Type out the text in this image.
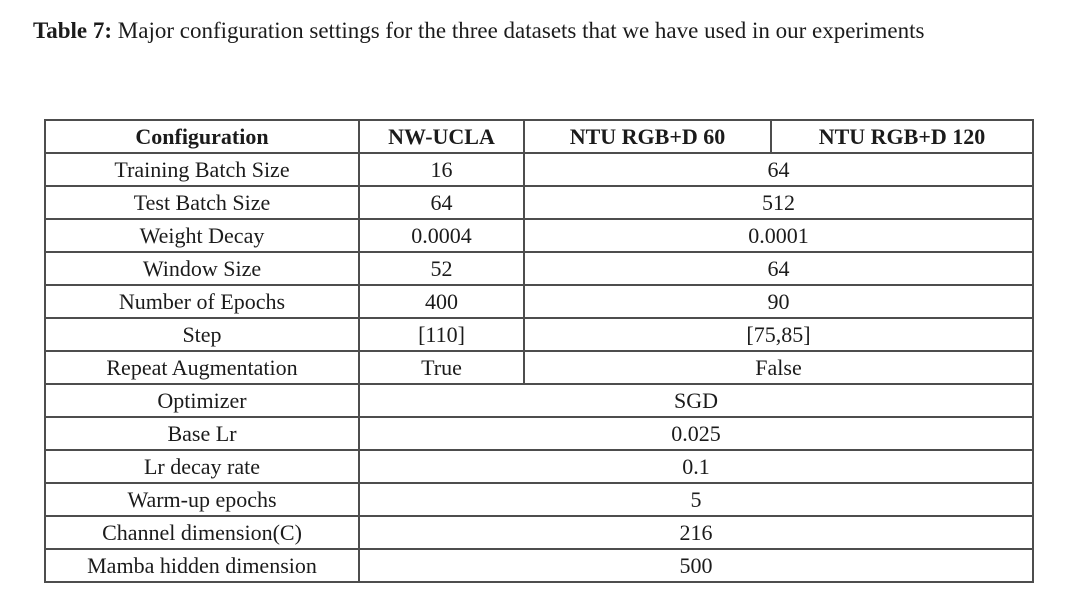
Table 7: Major configuration settings for the three datasets that we have used in our experiments

Configuration	NW-UCLA	NTU RGB+D 60	NTU RGB+D 120
Training Batch Size	16	64	
Test Batch Size	64	512	
Weight Decay	0.0004	0.0001	
Window Size	52	64	
Number of Epochs	400	90	
Step	[110]	[75,85]	
Repeat Augmentation	True	False	
Optimizer	SGD		
Base Lr	0.025		
Lr decay rate	0.1		
Warm-up epochs	5		
Channel dimension(C)	216		
Mamba hidden dimension	500		
